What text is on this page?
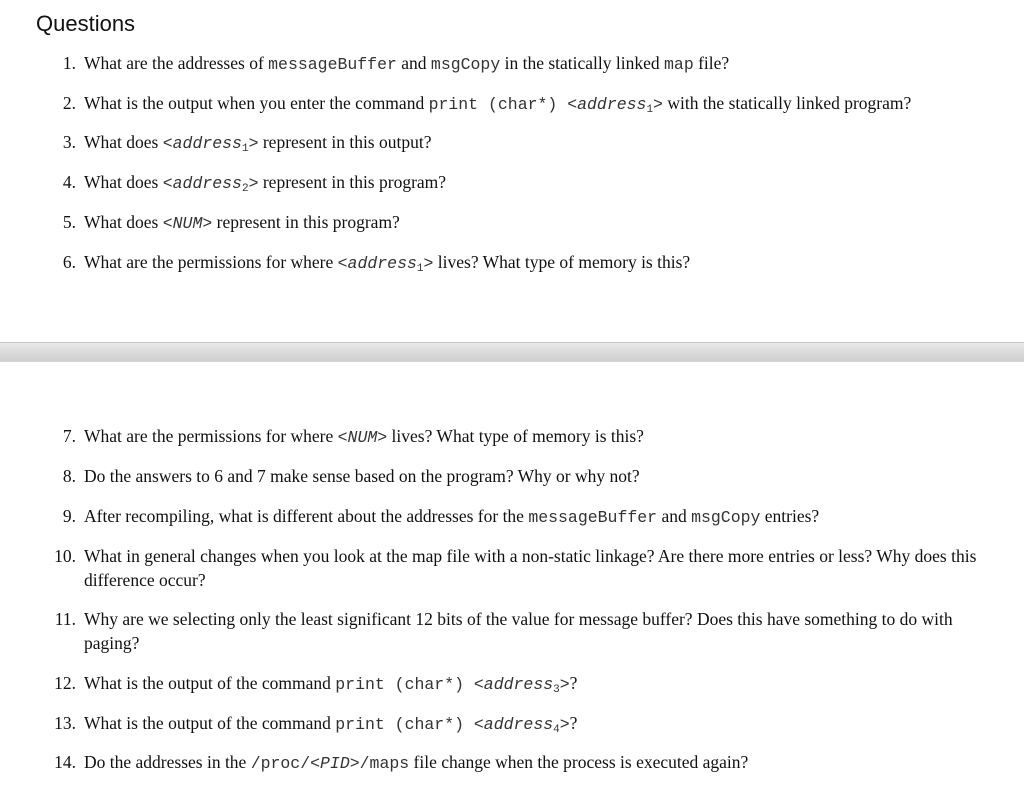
Questions
1. What are the addresses of messageBuffer and msgCopy in the statically linked map file?
2. What is the output when you enter the command print (char*) <address$_1$> with the statically linked program?
3. What does <address$_1$> represent in this output?
4. What does <address$_2$> represent in this program?
5. What does <NUM> represent in this program?
6. What are the permissions for where <address$_1$> lives? What type of memory is this?
7. What are the permissions for where <NUM> lives? What type of memory is this?
8. Do the answers to 6 and 7 make sense based on the program? Why or why not?
9. After recompiling, what is different about the addresses for the messageBuffer and msgCopy entries?
10. What in general changes when you look at the map file with a non-static linkage? Are there more entries or less? Why does this difference occur?
11. Why are we selecting only the least significant 12 bits of the value for message buffer? Does this have something to do with paging?
12. What is the output of the command print (char*) <address$_3$>?
13. What is the output of the command print (char*) <address$_4$>?
14. Do the addresses in the /proc/<PID>/maps file change when the process is executed again?
